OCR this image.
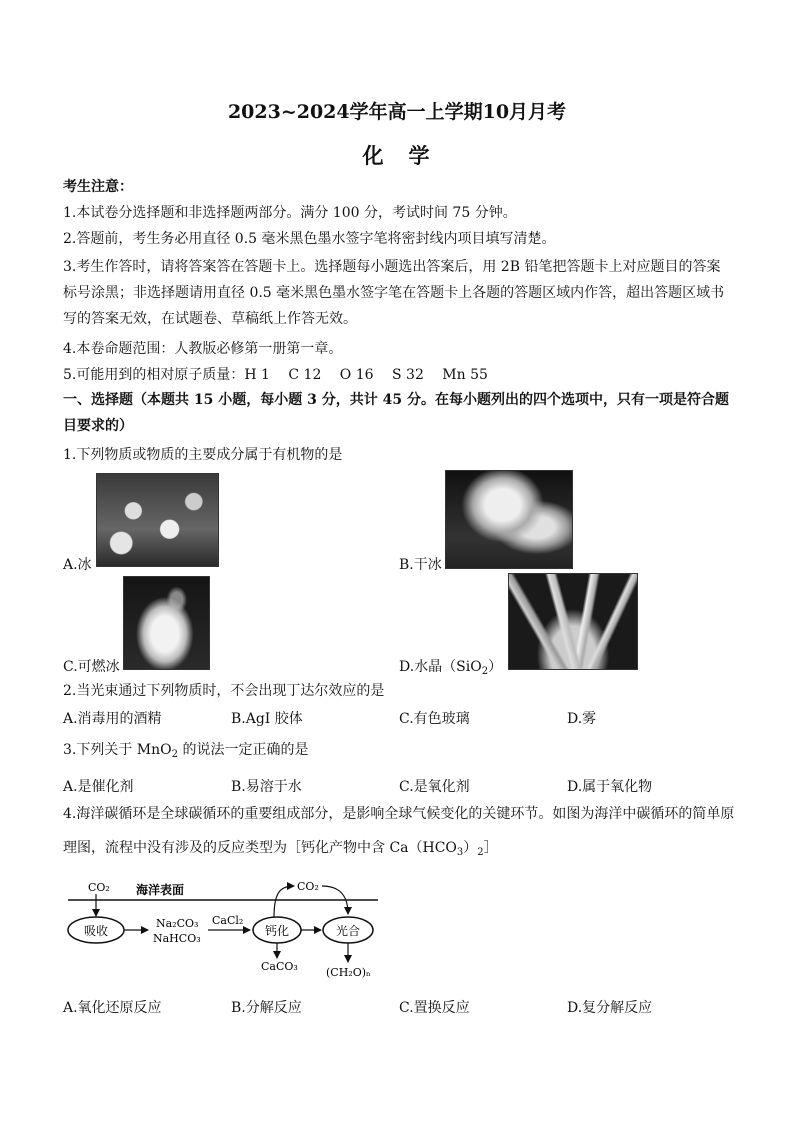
2023~2024学年高一上学期10月月考
化　学
考生注意：
1.本试卷分选择题和非选择题两部分。满分 100 分，考试时间 75 分钟。
2.答题前，考生务必用直径 0.5 毫米黑色墨水签字笔将密封线内项目填写清楚。
3.考生作答时，请将答案答在答题卡上。选择题每小题选出答案后，用 2B 铅笔把答题卡上对应题目的答案标号涂黑；非选择题请用直径 0.5 毫米黑色墨水签字笔在答题卡上各题的答题区域内作答，超出答题区域书写的答案无效，在试题卷、草稿纸上作答无效。
4.本卷命题范围：人教版必修第一册第一章。
5.可能用到的相对原子质量：H 1　 C 12　 O 16　 S 32　 Mn 55
一、选择题（本题共 15 小题，每小题 3 分，共计 45 分。在每小题列出的四个选项中，只有一项是符合题目要求的）
1.下列物质或物质的主要成分属于有机物的是
A.冰	B.干冰
C.可燃冰	D.水晶（SiO$_2$）
2.当光束通过下列物质时，不会出现丁达尔效应的是
A.消毒用的酒精	B.AgI 胶体	C.有色玻璃	D.雾
3.下列关于 MnO$_2$ 的说法一定正确的是
A.是催化剂	B.易溶于水	C.是氧化剂	D.属于氧化物
4.海洋碳循环是全球碳循环的重要组成部分，是影响全球气候变化的关键环节。如图为海洋中碳循环的简单原
理图，流程中没有涉及的反应类型为［钙化产物中含 $Ca(HCO_3)_2]$
海洋表面
CO₂
吸收
Na₂CO₃
NaHCO₃
CaCl₂
钙化
CO₂
光合
CaCO₃	(CH₂O)ₙ
A.氧化还原反应	B.分解反应	C.置换反应	D.复分解反应
